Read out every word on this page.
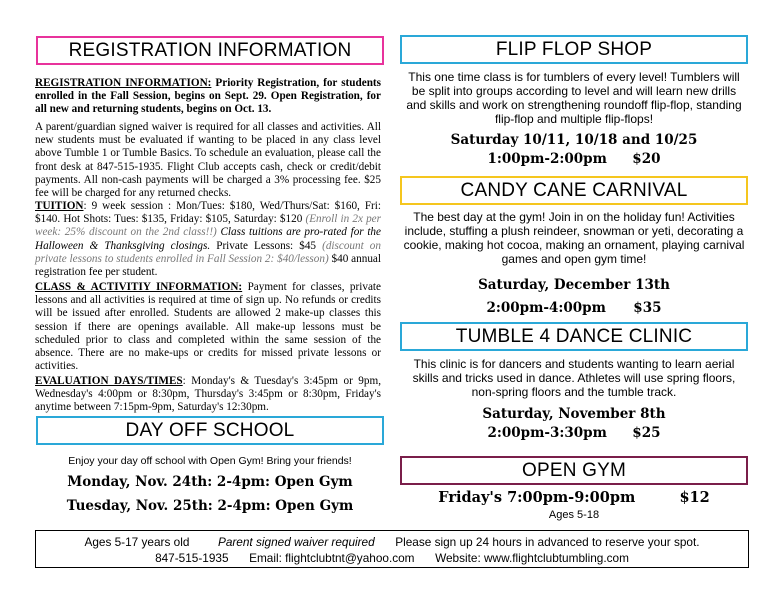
REGISTRATION INFORMATION
REGISTRATION INFORMATION: Priority Registration, for students enrolled in the Fall Session, begins on Sept. 29. Open Registration, for all new and returning students, begins on Oct. 13.
A parent/guardian signed waiver is required for all classes and activities. All new students must be evaluated if wanting to be placed in any class level above Tumble 1 or Tumble Basics. To schedule an evaluation, please call the front desk at 847-515-1935. Flight Club accepts cash, check or credit/debit payments. All non-cash payments will be charged a 3% processing fee. $25 fee will be charged for any returned checks.
TUITION: 9 week session : Mon/Tues: $180, Wed/Thurs/Sat: $160, Fri: $140. Hot Shots: Tues: $135, Friday: $105, Saturday: $120 (Enroll in 2x per week: 25% discount on the 2nd class!!) Class tuitions are pro-rated for the Halloween & Thanksgiving closings. Private Lessons: $45 (discount on private lessons to students enrolled in Fall Session 2: $40/lesson) $40 annual registration fee per student.
CLASS & ACTIVITIY INFORMATION: Payment for classes, private lessons and all activities is required at time of sign up. No refunds or credits will be issued after enrolled. Students are allowed 2 make-up classes this session if there are openings available. All make-up lessons must be scheduled prior to class and completed within the same session of the absence. There are no make-ups or credits for missed private lessons or activities.
EVALUATION DAYS/TIMES: Monday's & Tuesday's 3:45pm or 9pm, Wednesday's 4:00pm or 8:30pm, Thursday's 3:45pm or 8:30pm, Friday's anytime between 7:15pm-9pm, Saturday's 12:30pm.
DAY OFF SCHOOL
Enjoy your day off school with Open Gym! Bring your friends!
Monday, Nov. 24th: 2-4pm: Open Gym
Tuesday, Nov. 25th: 2-4pm: Open Gym
FLIP FLOP SHOP
This one time class is for tumblers of every level! Tumblers will be split into groups according to level and will learn new drills and skills and work on strengthening roundoff flip-flop, standing flip-flop and multiple flip-flops!
Saturday 10/11, 10/18 and 10/25
1:00pm-2:00pm $20
CANDY CANE CARNIVAL
The best day at the gym! Join in on the holiday fun! Activities include, stuffing a plush reindeer, snowman or yeti, decorating a cookie, making hot cocoa, making an ornament, playing carnival games and open gym time!
Saturday, December 13th
2:00pm-4:00pm $35
TUMBLE 4 DANCE CLINIC
This clinic is for dancers and students wanting to learn aerial skills and tricks used in dance. Athletes will use spring floors, non-spring floors and the tumble track.
Saturday, November 8th
2:00pm-3:30pm $25
OPEN GYM
Friday's 7:00pm-9:00pm	$12
Ages 5-18
Ages 5-17 years old Parent signed waiver required Please sign up 24 hours in advanced to reserve your spot.
847-515-1935 Email: flightclubtnt@yahoo.com Website: www.flightclubtumbling.com
